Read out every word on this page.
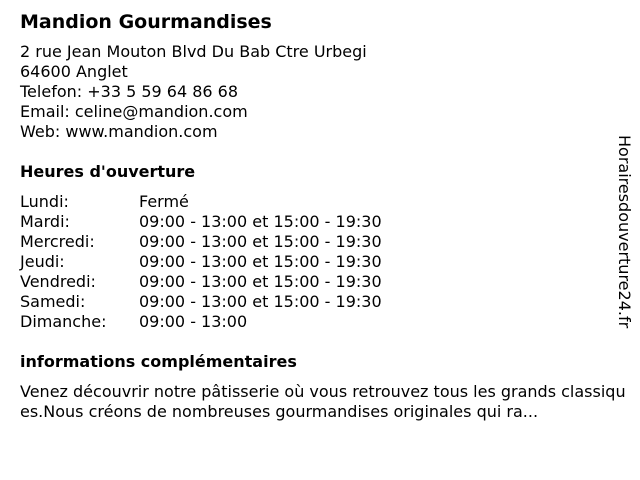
Mandion Gourmandises
2 rue Jean Mouton Blvd Du Bab Ctre Urbegi
64600 Anglet
Telefon: +33 5 59 64 86 68
Email: celine@mandion.com
Web: www.mandion.com
Heures d'ouverture
Lundi:	Fermé
Mardi:	09:00 - 13:00 et 15:00 - 19:30
Mercredi:	09:00 - 13:00 et 15:00 - 19:30
Jeudi:	09:00 - 13:00 et 15:00 - 19:30
Vendredi:	09:00 - 13:00 et 15:00 - 19:30
Samedi:	09:00 - 13:00 et 15:00 - 19:30
Dimanche:	09:00 - 13:00
informations complémentaires
Venez découvrir notre pâtisserie où vous retrouvez tous les grands classiques.Nous créons de nombreuses gourmandises originales qui ra...
Horairesdouverture24.fr
